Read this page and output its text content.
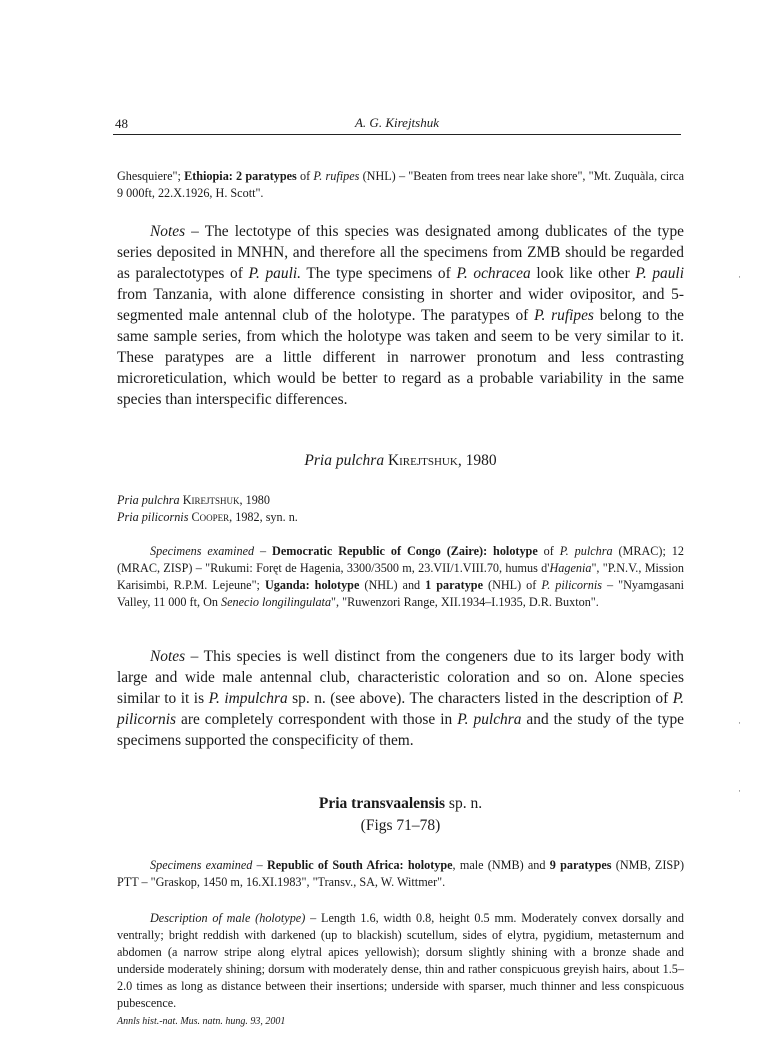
48	A. G. Kirejtshuk
Ghesquiere"; Ethiopia: 2 paratypes of P. rufipes (NHL) – "Beaten from trees near lake shore", "Mt. Zuquàla, circa 9 000ft, 22.X.1926, H. Scott".
Notes – The lectotype of this species was designated among dublicates of the type series deposited in MNHN, and therefore all the specimens from ZMB should be regarded as paralectotypes of P. pauli. The type specimens of P. ochracea look like other P. pauli from Tanzania, with alone difference consisting in shorter and wider ovipositor, and 5-segmented male antennal club of the holotype. The paratypes of P. rufipes belong to the same sample series, from which the holotype was taken and seem to be very similar to it. These paratypes are a little different in narrower pronotum and less contrasting microreticulation, which would be better to regard as a probable variability in the same species than interspecific differences.
Pria pulchra Kirejtshuk, 1980
Pria pulchra Kirejtshuk, 1980
Pria pilicornis Cooper, 1982, syn. n.
Specimens examined – Democratic Republic of Congo (Zaire): holotype of P. pulchra (MRAC); 12 (MRAC, ZISP) – "Rukumi: Foręt de Hagenia, 3300/3500 m, 23.VII/1.VIII.70, humus d'Hagenia", "P.N.V., Mission Karisimbi, R.P.M. Lejeune"; Uganda: holotype (NHL) and 1 paratype (NHL) of P. pilicornis – "Nyamgasani Valley, 11 000 ft, On Senecio longilingulata", "Ruwenzori Range, XII.1934–I.1935, D.R. Buxton".
Notes – This species is well distinct from the congeners due to its larger body with large and wide male antennal club, characteristic coloration and so on. Alone species similar to it is P. impulchra sp. n. (see above). The characters listed in the description of P. pilicornis are completely correspondent with those in P. pulchra and the study of the type specimens supported the conspecificity of them.
Pria transvaalensis sp. n.
(Figs 71–78)
Specimens examined – Republic of South Africa: holotype, male (NMB) and 9 paratypes (NMB, ZISP) PTT – "Graskop, 1450 m, 16.XI.1983", "Transv., SA, W. Wittmer".
Description of male (holotype) – Length 1.6, width 0.8, height 0.5 mm. Moderately convex dorsally and ventrally; bright reddish with darkened (up to blackish) scutellum, sides of elytra, pygidium, metasternum and abdomen (a narrow stripe along elytral apices yellowish); dorsum slightly shining with a bronze shade and underside moderately shining; dorsum with moderately dense, thin and rather conspicuous greyish hairs, about 1.5–2.0 times as long as distance between their insertions; underside with sparser, much thinner and less conspicuous pubescence.
Annls hist.-nat. Mus. natn. hung. 93, 2001
·
·
·
